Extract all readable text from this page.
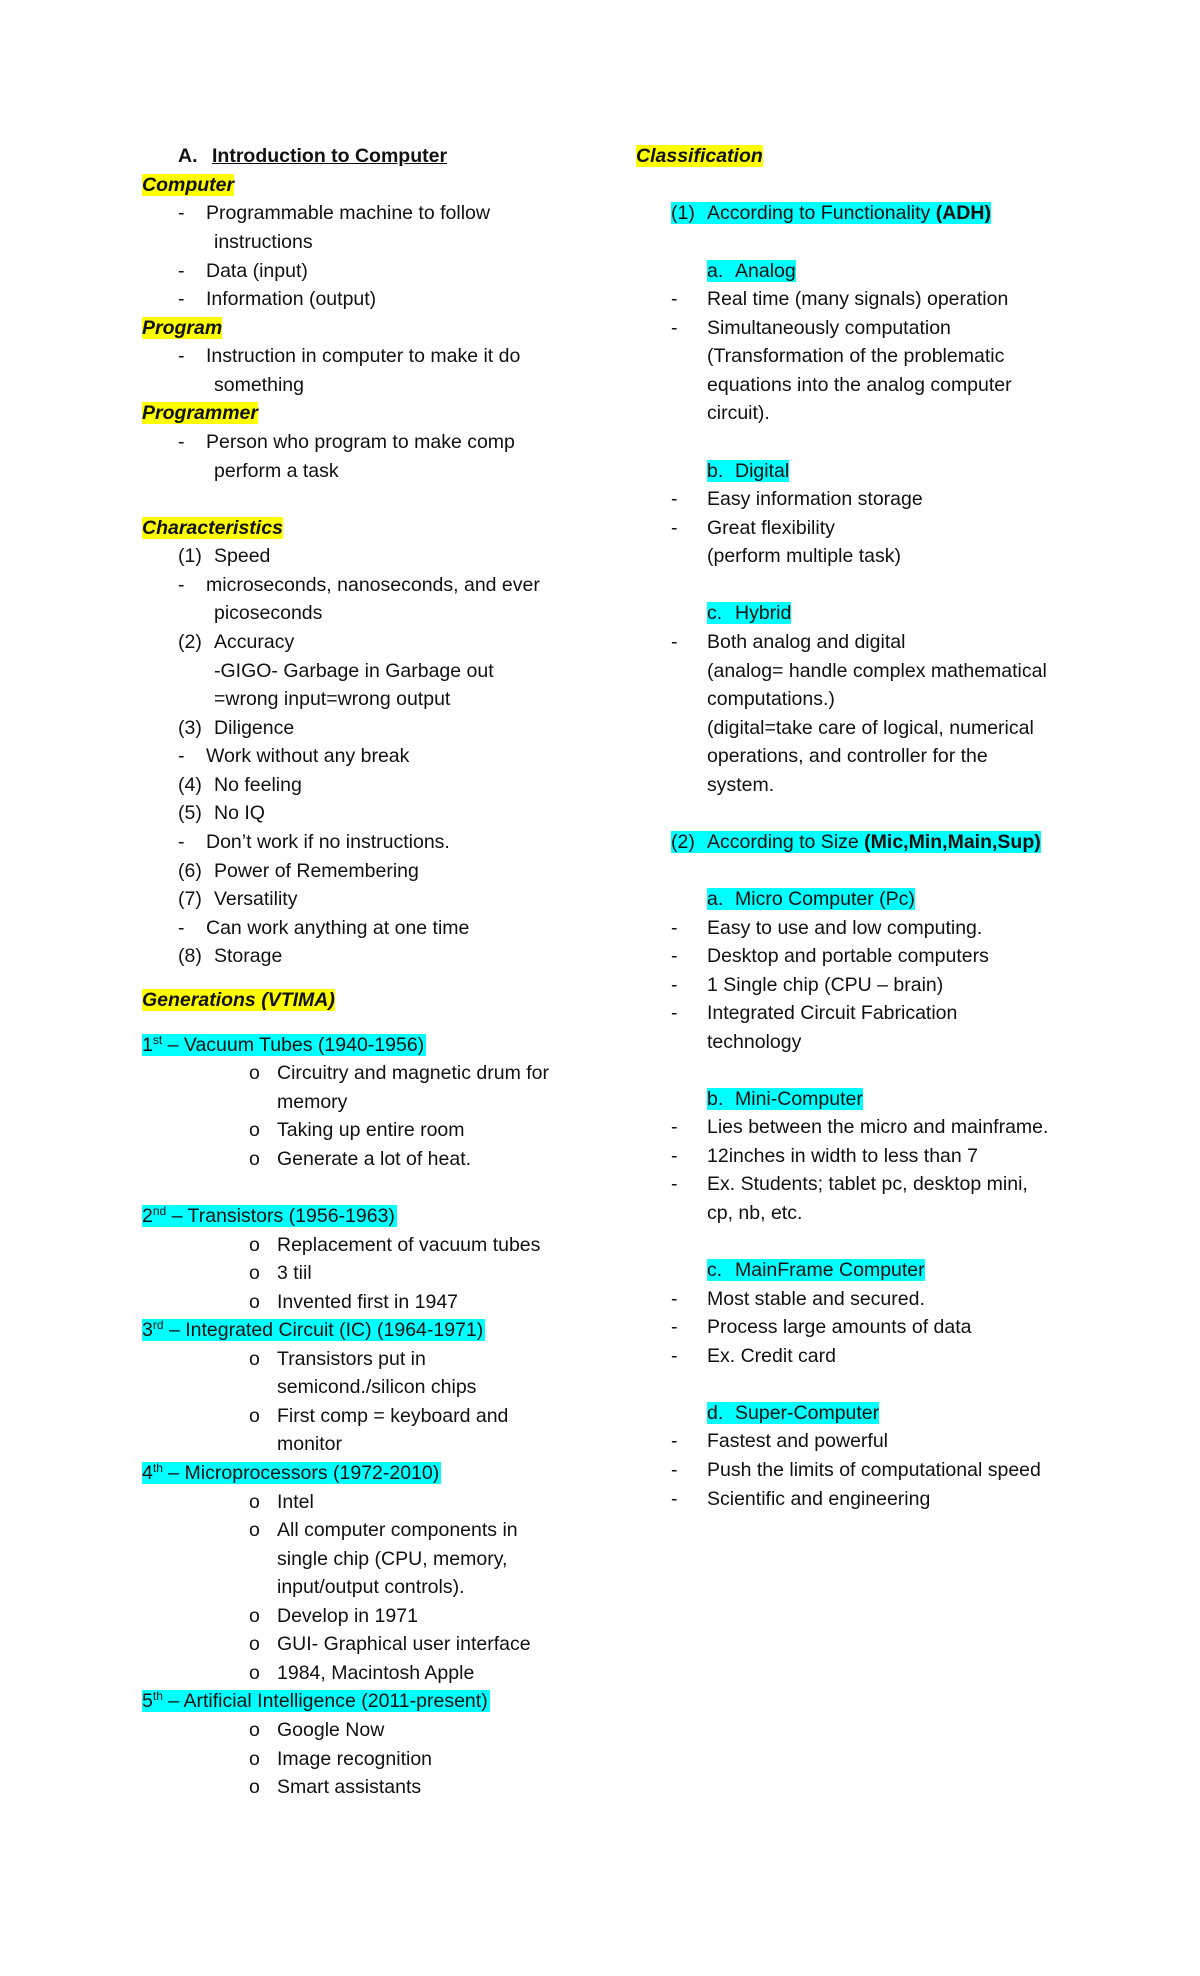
A. Introduction to Computer
Computer
- Programmable machine to follow
instructions
- Data (input)
- Information (output)
Program
- Instruction in computer to make it do
something
Programmer
- Person who program to make comp
perform a task
Characteristics
(1) Speed
- microseconds, nanoseconds, and ever
picoseconds
(2) Accuracy
-GIGO- Garbage in Garbage out
=wrong input=wrong output
(3) Diligence
- Work without any break
(4) No feeling
(5) No IQ
- Don’t work if no instructions.
(6) Power of Remembering
(7) Versatility
- Can work anything at one time
(8) Storage
Generations (VTIMA)
1st – Vacuum Tubes (1940-1956)
o Circuitry and magnetic drum for
memory
o Taking up entire room
o Generate a lot of heat.
2nd – Transistors (1956-1963)
o Replacement of vacuum tubes
o 3 tiil
o Invented first in 1947
3rd – Integrated Circuit (IC) (1964-1971)
o Transistors put in
semicond./silicon chips
o First comp = keyboard and
monitor
4th – Microprocessors (1972-2010)
o Intel
o All computer components in
single chip (CPU, memory,
input/output controls).
o Develop in 1971
o GUI- Graphical user interface
o 1984, Macintosh Apple
5th – Artificial Intelligence (2011-present)
o Google Now
o Image recognition
o Smart assistants
Classification
(1) According to Functionality (ADH)
a. Analog
- Real time (many signals) operation
- Simultaneously computation
(Transformation of the problematic
equations into the analog computer
circuit).
b. Digital
- Easy information storage
- Great flexibility
(perform multiple task)
c. Hybrid
- Both analog and digital
(analog= handle complex mathematical
computations.)
(digital=take care of logical, numerical
operations, and controller for the
system.
(2) According to Size (Mic,Min,Main,Sup)
a. Micro Computer (Pc)
- Easy to use and low computing.
- Desktop and portable computers
- 1 Single chip (CPU – brain)
- Integrated Circuit Fabrication
technology
b. Mini-Computer
- Lies between the micro and mainframe.
- 12inches in width to less than 7
- Ex. Students; tablet pc, desktop mini,
cp, nb, etc.
c. MainFrame Computer
- Most stable and secured.
- Process large amounts of data
- Ex. Credit card
d. Super-Computer
- Fastest and powerful
- Push the limits of computational speed
- Scientific and engineering
